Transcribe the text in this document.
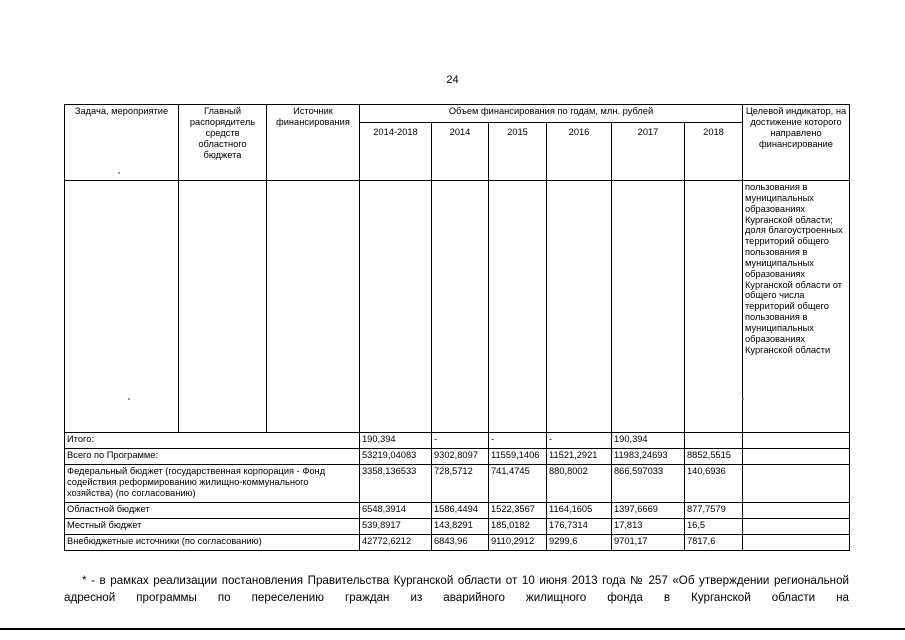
24
Задача, мероприятие	Главный распорядитель средств областного бюджета	Источник финансирования	Объем финансирования по годам, млн. рублей						Целевой индикатор, на достижение которого направлено финансирование
			2014-2018	2014	2015	2016	2017	2018	
									пользования в муниципальных образованиях Курганской области; доля благоустроенных территорий общего пользования в муниципальных образованиях Курганской области от общего числа территорий общего пользования в муниципальных образованиях Курганской области
Итого:			190,394	-	-	-	190,394		
Всего по Программе:			53219,04083	9302,8097	11559,1406	11521,2921	11983,24693	8852,5515	
Федеральный бюджет (государственная корпорация - Фонд содействия реформированию жилищно-коммунального хозяйства) (по согласованию)			3358,136533	728,5712	741,4745	880,8002	866,597033	140,6936	
Областной бюджет			6548,3914	1586,4494	1522,3567	1164,1605	1397,6669	877,7579	
Местный бюджет			539,8917	143,8291	185,0182	176,7314	17,813	16,5	
Внебюджетные источники (по согласованию)			42772,6212	6843,96	9110,2912	9299,6	9701,17	7817,6	
* - в рамках реализации постановления Правительства Курганской области от 10 июня 2013 года № 257 «Об утверждении региональной адресной программы по переселению граждан из аварийного жилищного фонда в Курганской области на
